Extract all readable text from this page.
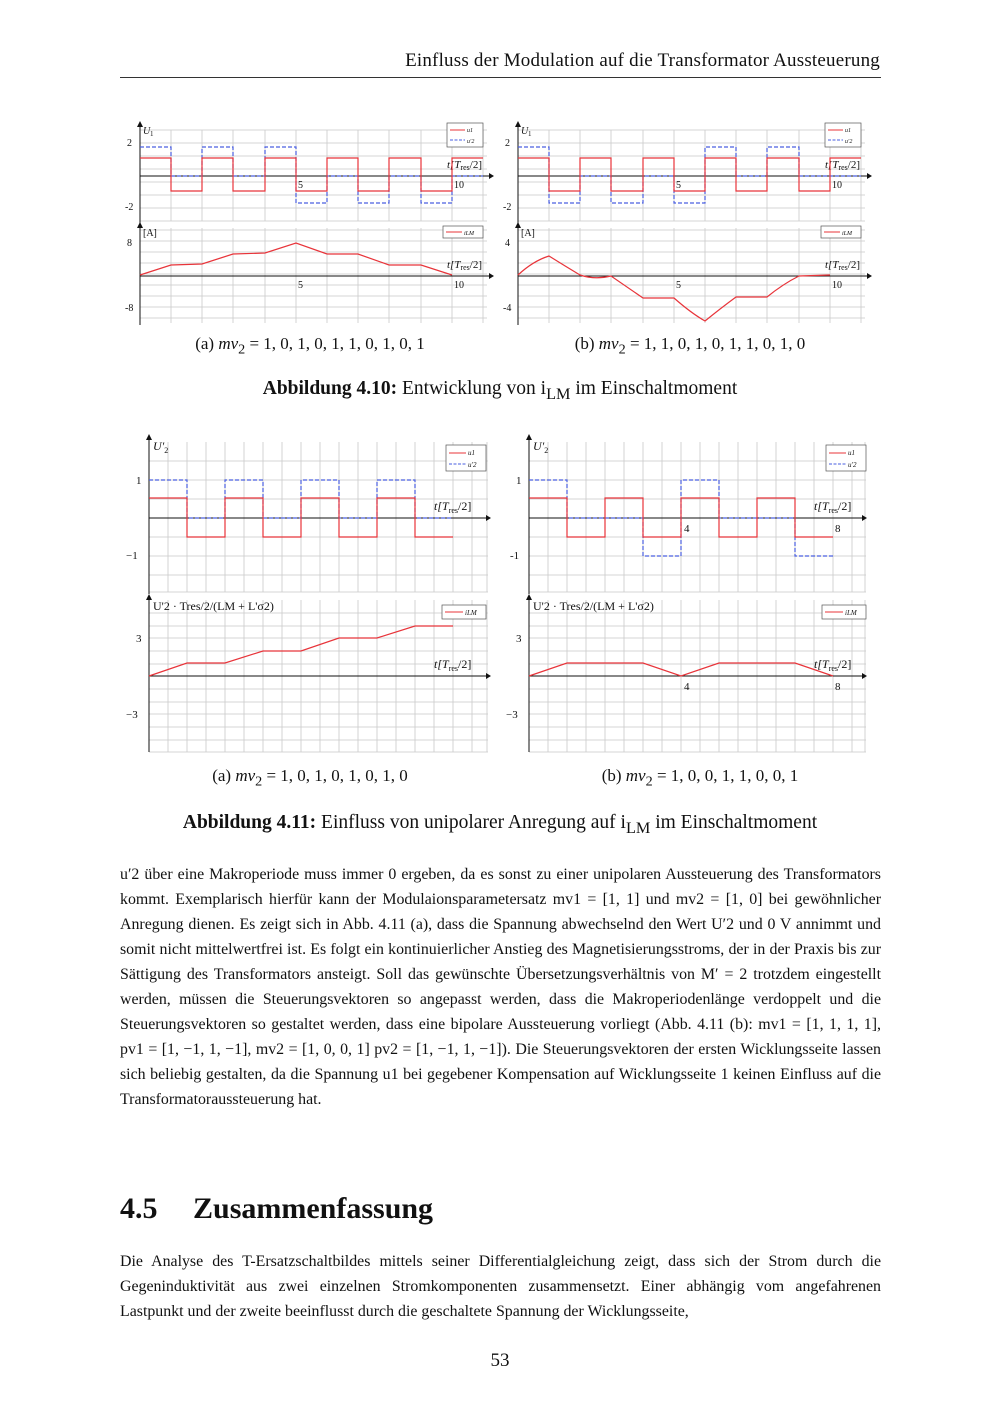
Einfluss der Modulation auf die Transformator Aussteuerung
U 1
2
-2
5	10
t[Tres/2]
u1
u′2
[A]
8
-8
5	10
t[Tres/2]
iLM
U 1
2
-2
5	10
t[Tres/2]
u1
u′2
[A]
4
-4
5	10
t[Tres/2]
iLM
(a) $mv_2 = 1$, 0, 1, 0, 1, 1, 0, 1, 0, 1	(b) $mv_2 = 1$, 1, 0, 1, 0, 1, 1, 0, 1, 0
Abbildung 4.10: Entwicklung von $i_{LM}$ im Einschaltmoment
$U'_2$
1
−1
$t[T_{res}/2]$
u1
u′2
U'2 · Tres/2/(LM + L'σ2)
3
−3
$t[T_{res}/2]$
iLM
$U'_2$
1
-1
4	8
$t[T_{res}/2]$
u1
u′2
U'2 · Tres/2/(LM + L'σ2)
3
−3
4	8
$t[T_{res}/2]$
iLM
(a) $mv_2 = 1$, 0, 1, 0, 1, 0, 1, 0	(b) $mv_2 = 1$, 0, 0, 1, 1, 0, 0, 1
Abbildung 4.11: Einfluss von unipolarer Anregung auf $i_{LM}$ im Einschaltmoment

u′2 über eine Makroperiode muss immer 0 ergeben, da es sonst zu einer unipolaren Aussteuerung des Transformators kommt. Exemplarisch hierfür kann der Modulaionsparametersatz mv1 = [1, 1] und mv2 = [1, 0] bei gewöhnlicher Anregung dienen. Es zeigt sich in Abb. 4.11 (a), dass die Spannung abwechselnd den Wert U′2 und 0 V annimmt und somit nicht mittelwertfrei ist. Es folgt ein kontinuierlicher Anstieg des Magnetisierungsstroms, der in der Praxis bis zur Sättigung des Transformators ansteigt. Soll das gewünschte Übersetzungsverhältnis von M′ = 2 trotzdem eingestellt werden, müssen die Steuerungsvektoren so angepasst werden, dass die Makroperiodenlänge verdoppelt und die Steuerungsvektoren so gestaltet werden, dass eine bipolare Aussteuerung vorliegt (Abb. 4.11 (b): mv1 = [1, 1, 1, 1], pv1 = [1, −1, 1, −1], mv2 = [1, 0, 0, 1] pv2 = [1, −1, 1, −1]). Die Steuerungsvektoren der ersten Wicklungsseite lassen sich beliebig gestalten, da die Spannung u1 bei gegebener Kompensation auf Wicklungsseite 1 keinen Einfluss auf die Transformatoraussteuerung hat.

4.5 Zusammenfassung

Die Analyse des T-Ersatzschaltbildes mittels seiner Differentialgleichung zeigt, dass sich der Strom durch die Gegeninduktivität aus zwei einzelnen Stromkomponenten zusammensetzt. Einer abhängig vom angefahrenen Lastpunkt und der zweite beeinflusst durch die geschaltete Spannung der Wicklungsseite,

53
